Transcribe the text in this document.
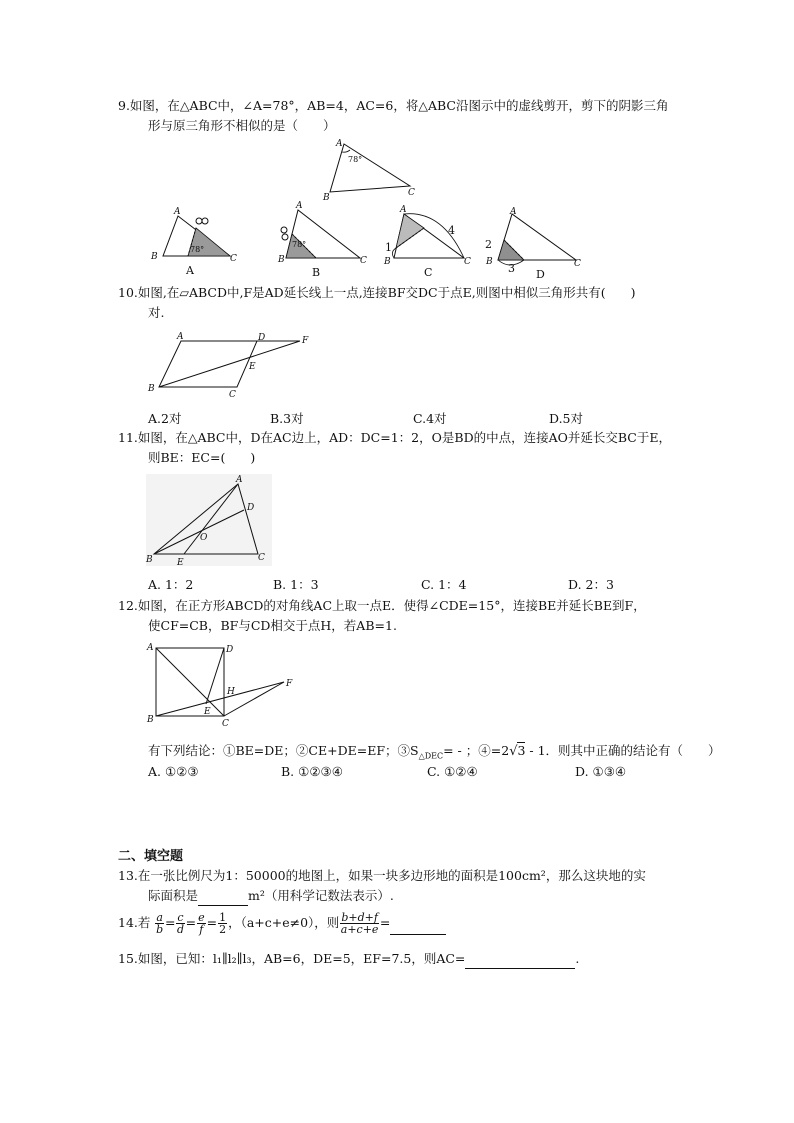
9.如图，在△ABC中，∠A=78°，AB=4，AC=6，将△ABC沿图示中的虚线剪开，剪下的阴影三角
形与原三角形不相似的是（　　）
A
78°
B	C
A
B	C
78°
A
A
B	C
78°
B
A
B	C
1
4
C
A
B	C
2
3 D
10.如图,在▱ABCD中,F是AD延长线上一点,连接BF交DC于点E,则图中相似三角形共有(　　)
对.
A	D	F
E
B
C
A.2对	B.3对	C.4对	D.5对
11.如图，在△ABC中，D在AC边上，AD：DC=1：2，O是BD的中点，连接AO并延长交BC于E，
则BE：EC=(　　)
A
D
O
B	E	C
A. 1：2	B. 1：3	C. 1：4	D. 2：3
12.如图，在正方形ABCD的对角线AC上取一点E．使得∠CDE=15°，连接BE并延长BE到F，
使CF=CB，BF与CD相交于点H，若AB=1.
A	D
H
F
B
E
C
有下列结论：①BE=DE；②CE+DE=EF；$③S_{\triangle DEC}=$ - ；④=2√3 - 1．则其中正确的结论有（　　）
A. ①②③	B. ①②③④	C. ①②④	D. ①③④
二、填空题
13.在一张比例尺为1：50000的地图上，如果一块多边形地的面积是100cm²，那么这块地的实
际面积是	m²（用科学记数法表示）.
14.若 $\frac{a}{b} = \frac{c}{d} = \frac{e}{f} = \frac{1}{2}$ ，（a+c+e≠0），则 $\frac{b+d+f}{a+c+e}$ =
15.如图，已知：l₁∥l₂∥l₃，AB=6，DE=5，EF=7.5，则AC=	.
